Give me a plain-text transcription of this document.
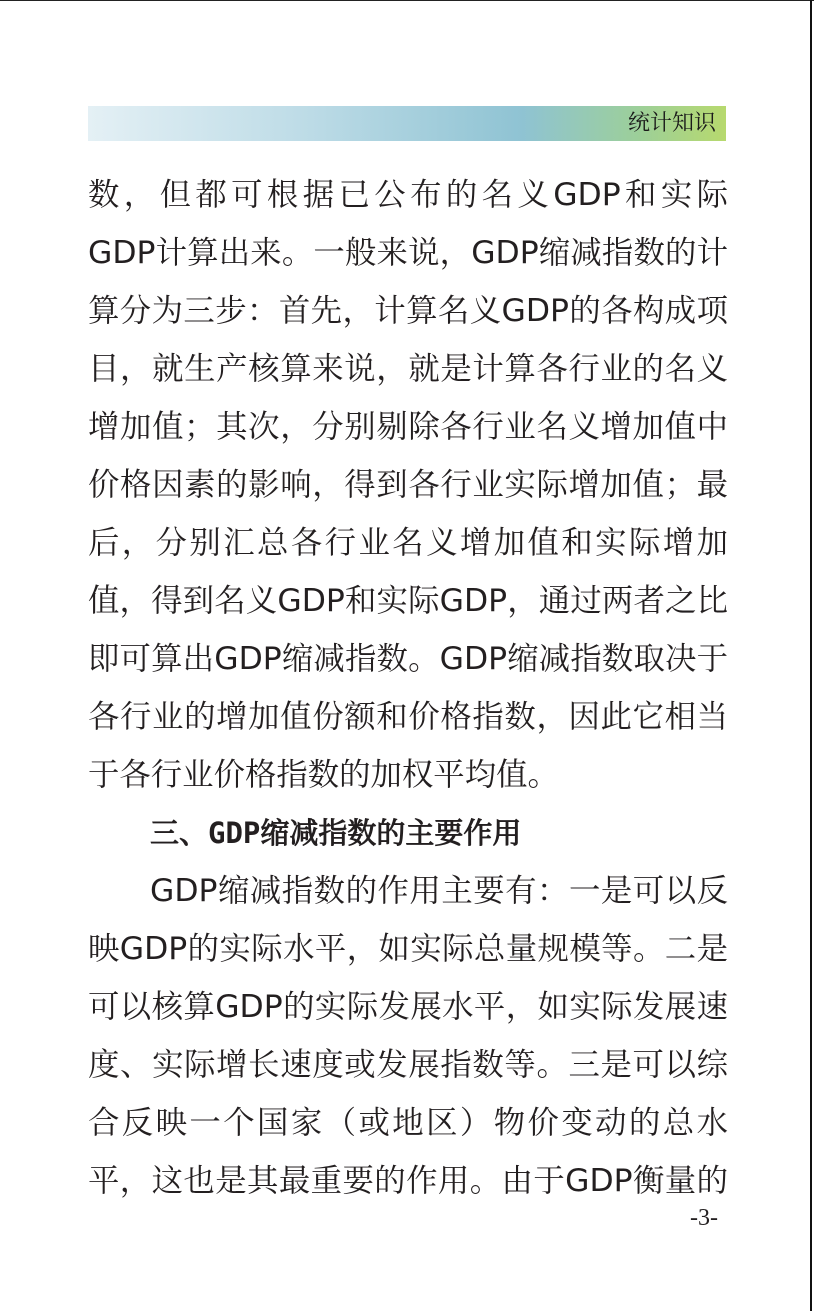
统计知识
数，但都可根据已公布的名义GDP和实际
GDP计算出来。一般来说，GDP缩减指数的计
算分为三步：首先，计算名义GDP的各构成项
目，就生产核算来说，就是计算各行业的名义
增加值；其次，分别剔除各行业名义增加值中
价格因素的影响，得到各行业实际增加值；最
后，分别汇总各行业名义增加值和实际增加
值，得到名义GDP和实际GDP，通过两者之比
即可算出GDP缩减指数。GDP缩减指数取决于
各行业的增加值份额和价格指数，因此它相当
于各行业价格指数的加权平均值。
三、GDP缩减指数的主要作用
GDP缩减指数的作用主要有：一是可以反
映GDP的实际水平，如实际总量规模等。二是
可以核算GDP的实际发展水平，如实际发展速
度、实际增长速度或发展指数等。三是可以综
合反映一个国家（或地区）物价变动的总水
平，这也是其最重要的作用。由于GDP衡量的
-3-
